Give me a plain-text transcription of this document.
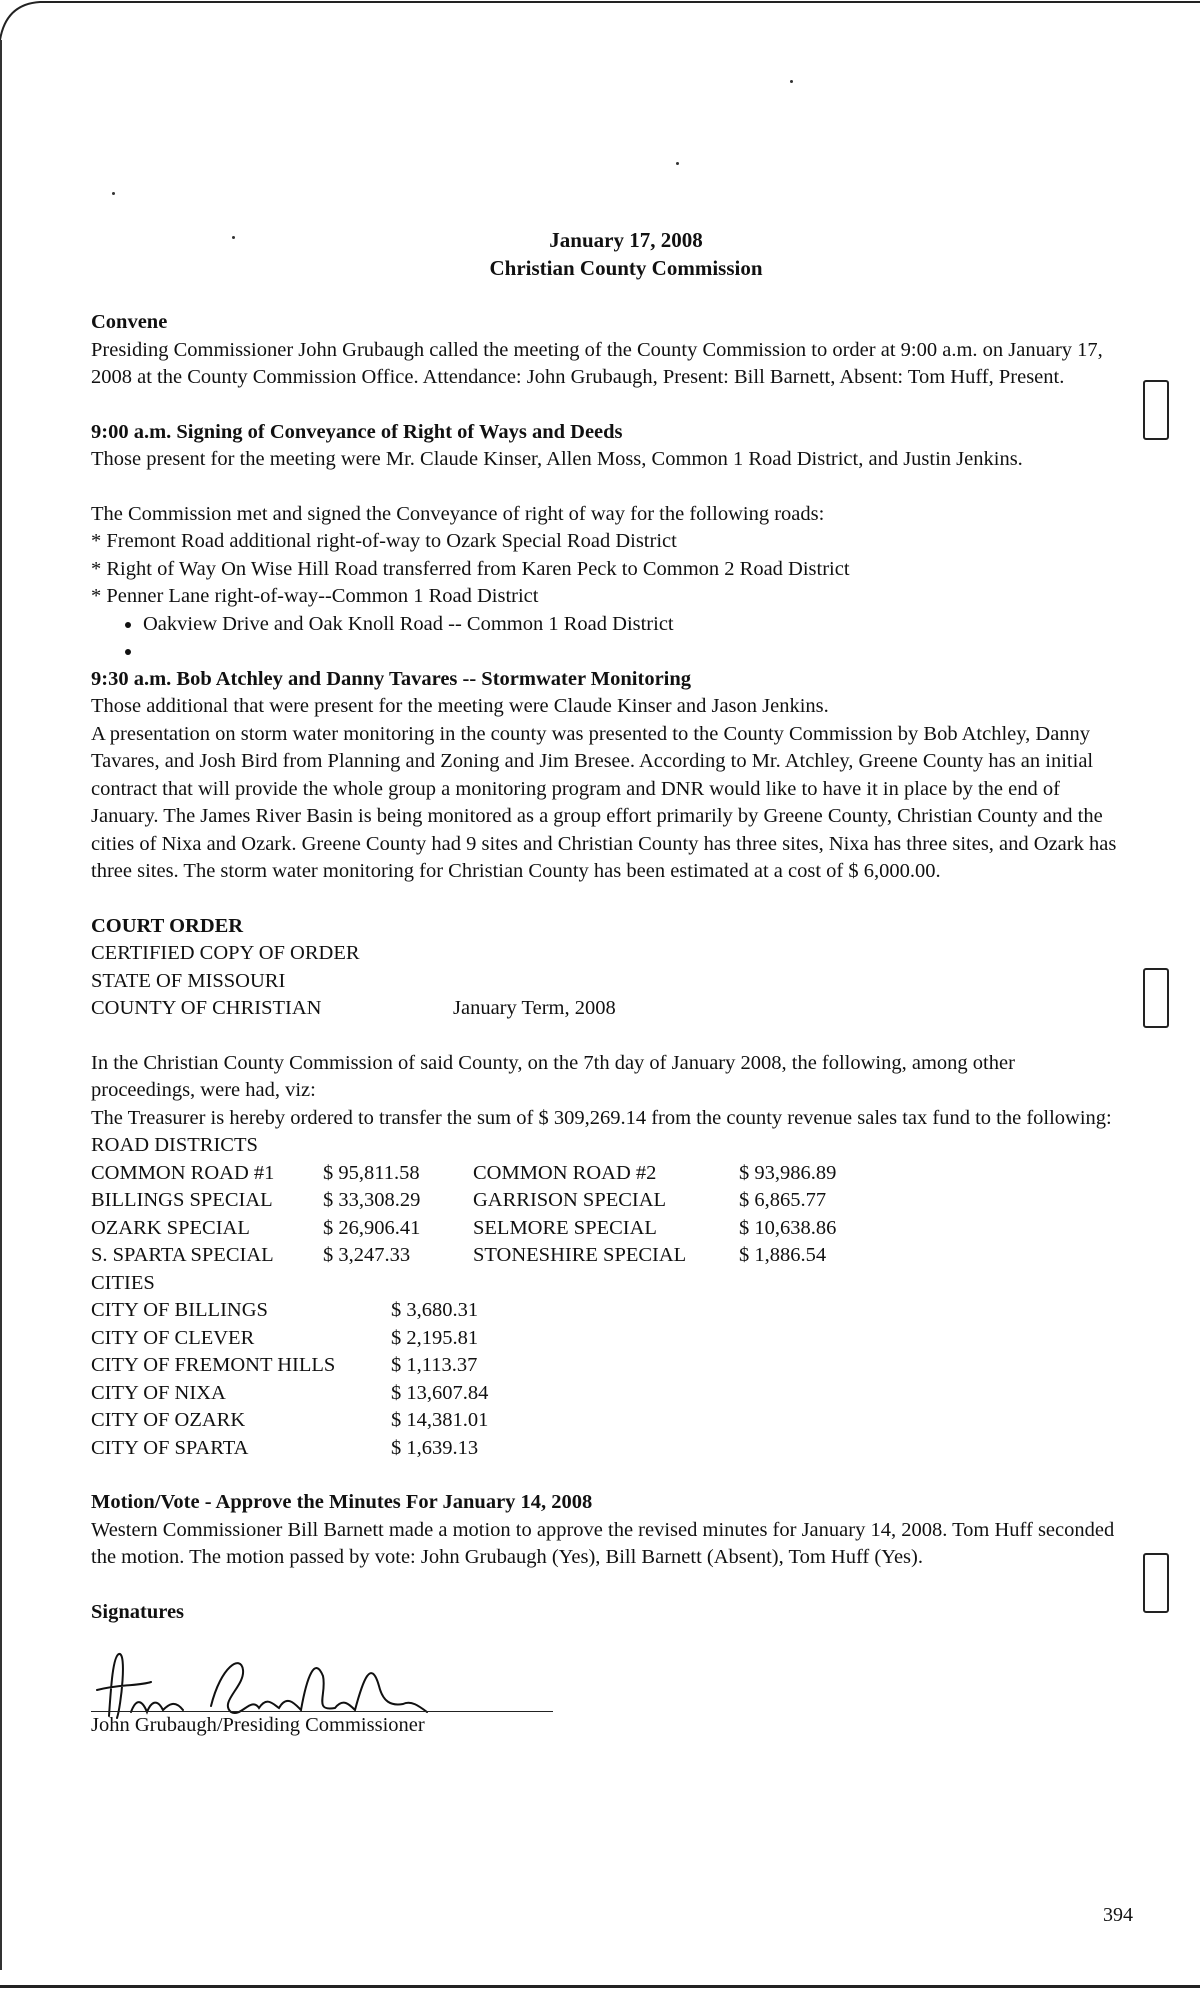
January 17, 2008
Christian County Commission

Convene

Presiding Commissioner John Grubaugh called the meeting of the County Commission to order at 9:00 a.m. on January 17, 2008 at the County Commission Office. Attendance: John Grubaugh, Present: Bill Barnett, Absent: Tom Huff, Present.

9:00 a.m. Signing of Conveyance of Right of Ways and Deeds

Those present for the meeting were Mr. Claude Kinser, Allen Moss, Common 1 Road District, and Justin Jenkins.

The Commission met and signed the Conveyance of right of way for the following roads:

* Fremont Road additional right-of-way to Ozark Special Road District
* Right of Way On Wise Hill Road transferred from Karen Peck to Common 2 Road District
* Penner Lane right-of-way--Common 1 Road District
• Oakview Drive and Oak Knoll Road -- Common 1 Road District
•

9:30 a.m. Bob Atchley and Danny Tavares -- Stormwater Monitoring

Those additional that were present for the meeting were Claude Kinser and Jason Jenkins.

A presentation on storm water monitoring in the county was presented to the County Commission by Bob Atchley, Danny Tavares, and Josh Bird from Planning and Zoning and Jim Bresee. According to Mr. Atchley, Greene County has an initial contract that will provide the whole group a monitoring program and DNR would like to have it in place by the end of January. The James River Basin is being monitored as a group effort primarily by Greene County, Christian County and the cities of Nixa and Ozark. Greene County had 9 sites and Christian County has three sites, Nixa has three sites, and Ozark has three sites. The storm water monitoring for Christian County has been estimated at a cost of $ 6,000.00.

COURT ORDER

CERTIFIED COPY OF ORDER

STATE OF MISSOURI

COUNTY OF CHRISTIAN	January Term, 2008

In the Christian County Commission of said County, on the 7th day of January 2008, the following, among other proceedings, were had, viz:

The Treasurer is hereby ordered to transfer the sum of $ 309,269.14 from the county revenue sales tax fund to the following:

ROAD DISTRICTS

COMMON ROAD #1	$ 95,811.58	COMMON ROAD #2	$ 93,986.89
BILLINGS SPECIAL	$ 33,308.29	GARRISON SPECIAL	$ 6,865.77
OZARK SPECIAL	$ 26,906.41	SELMORE SPECIAL	$ 10,638.86
S. SPARTA SPECIAL	$ 3,247.33	STONESHIRE SPECIAL	$ 1,886.54

CITIES

CITY OF BILLINGS	$ 3,680.31
CITY OF CLEVER	$ 2,195.81
CITY OF FREMONT HILLS	$ 1,113.37
CITY OF NIXA	$ 13,607.84
CITY OF OZARK	$ 14,381.01
CITY OF SPARTA	$ 1,639.13

Motion/Vote - Approve the Minutes For January 14, 2008

Western Commissioner Bill Barnett made a motion to approve the revised minutes for January 14, 2008. Tom Huff seconded the motion. The motion passed by vote: John Grubaugh (Yes), Bill Barnett (Absent), Tom Huff (Yes).

Signatures

John Grubaugh/Presiding Commissioner
394
